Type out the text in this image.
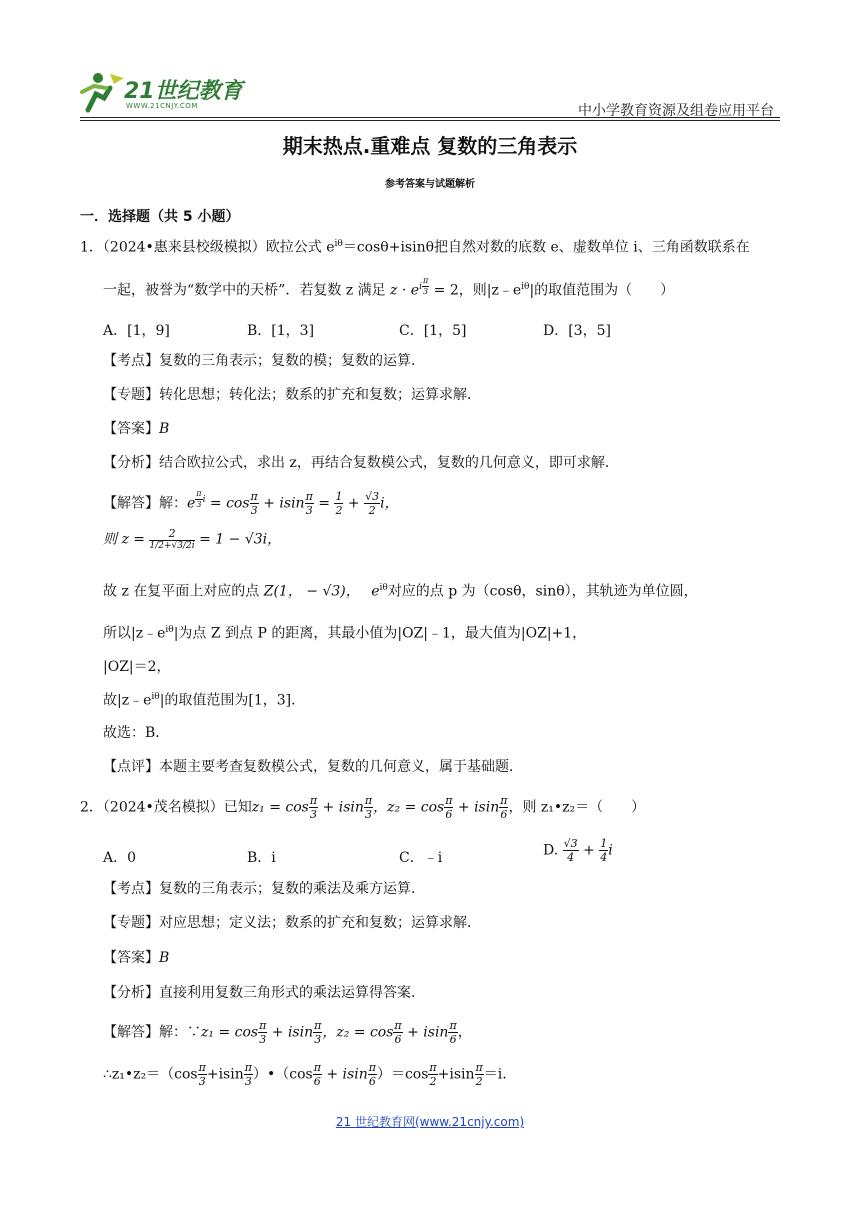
21世纪教育
WWW.21CNJY.COM	中小学教育资源及组卷应用平台
期末热点.重难点 复数的三角表示
参考答案与试题解析
一．选择题（共 5 小题）
1．（2024•惠来县校级模拟）欧拉公式 $e^{i\theta}=\cos\theta+isin\theta$把自然对数的底数 e、虚数单位 i、三角函数联系在
一起，被誉为“数学中的天桥”．若复数 z 满足 $z \cdot e^{i \frac{\pi}{3}} = 2$，则$|z﹣e^{i\theta}|$的取值范围为（　　）
A．[1，9]	B．[1，3]	C．[1，5]	D．[3，5]
【考点】复数的三角表示；复数的模；复数的运算．
【专题】转化思想；转化法；数系的扩充和复数；运算求解．
【答案】B
【分析】结合欧拉公式，求出 z，再结合复数模公式，复数的几何意义，即可求解．
【解答】解：e $^{\frac{\pi}{3} i} = \cos \frac{\pi}{3} + isin \frac{\pi}{3} = \frac{1}{2} + \frac{√3}{2}$ i，
则 $z = \frac{2}{1/2+√3/2i} = 1 - √3i$，
故 z 在复平面上对应的点 Z(1， − √3)，　 $e^{i\theta}$对应的点 p 为（cosθ，sinθ），其轨迹为单位圆，
所以$|z﹣e^{i\theta}|$为点 Z 到点 P 的距离，其最小值为|OZ|﹣1，最大值为|OZ|+1，
|OZ|＝2，
故$|z﹣e^{i\theta}|$的取值范围为[1，3]．
故选：B．
【点评】本题主要考查复数模公式，复数的几何意义，属于基础题．
2．（2024•茂名模拟）已知$z_1 = \cos \frac{\pi}{3} + isin \frac{\pi}{3}$ ，$z_2 = \cos \frac{\pi}{6} + isin \frac{\pi}{6}$ ，则 z₁•z₂＝（　　）
A．0	B．i	C．﹣i	D. $\frac{√3}{4} + \frac{1}{4}$ i
【考点】复数的三角表示；复数的乘法及乘方运算．
【专题】对应思想；定义法；数系的扩充和复数；运算求解．
【答案】B
【分析】直接利用复数三角形式的乘法运算得答案．
【解答】解：∵z₁ = $\cos \frac{\pi}{3} + isin \frac{\pi}{3}$ ，$z_2 = \cos \frac{\pi}{6} + isin \frac{\pi}{6}$ ，
∴z₁•z₂＝（cos $\frac{\pi}{3} +isin \frac{\pi}{3}$ ）•（cos $\frac{\pi}{6} + isin \frac{\pi}{6} )=\cos \frac{\pi}{2} +isin \frac{\pi}{2} =i$．
21 世纪教育网(www.21cnjy.com)
